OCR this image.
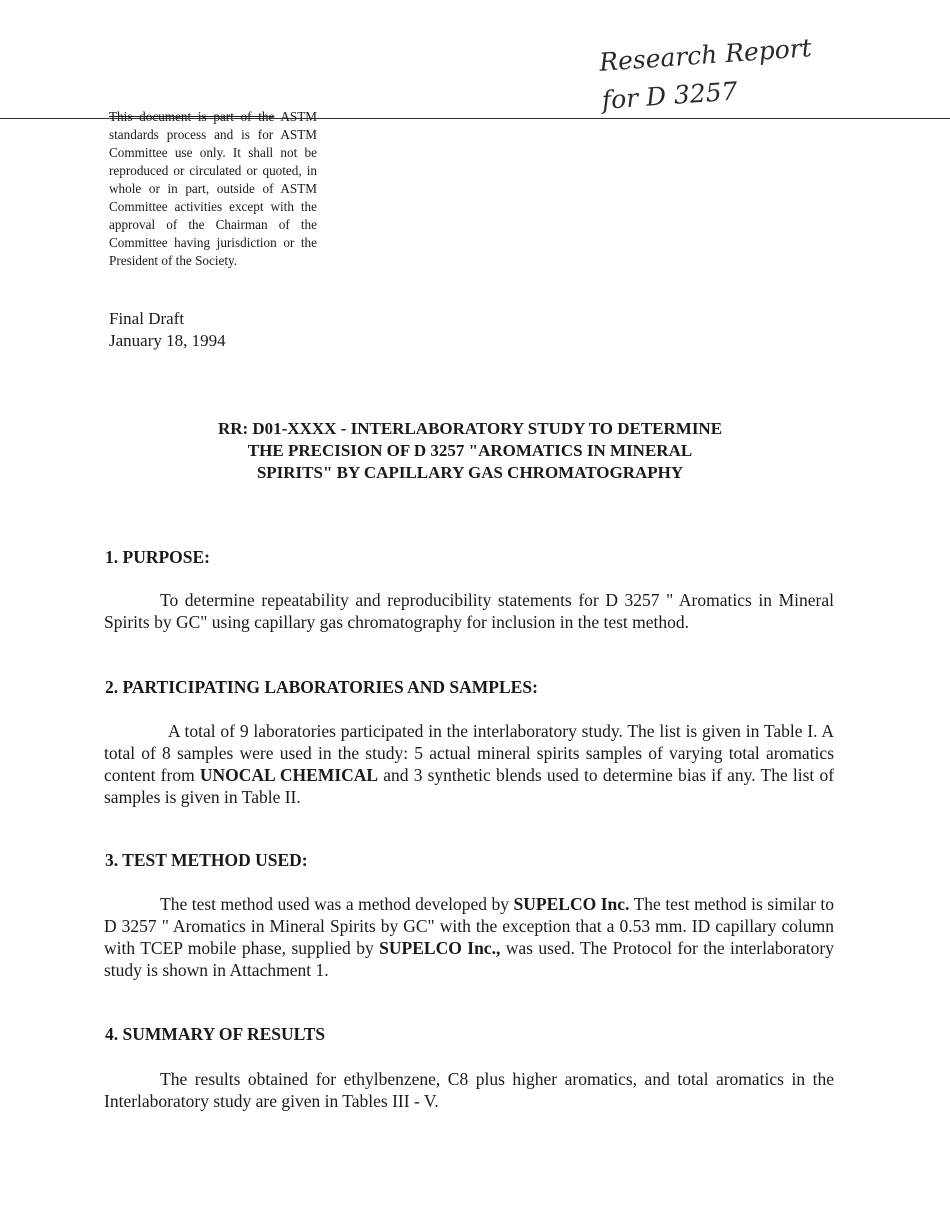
Research Report
for D 3257
This document is part of the ASTM standards process and is for ASTM Committee use only. It shall not be reproduced or circulated or quoted, in whole or in part, outside of ASTM Committee activities except with the approval of the Chairman of the Committee having jurisdiction or the President of the Society.
Final Draft
January 18, 1994
RR: D01-XXXX - INTERLABORATORY STUDY TO DETERMINE
THE PRECISION OF D 3257 "AROMATICS IN MINERAL
SPIRITS" BY CAPILLARY GAS CHROMATOGRAPHY
1. PURPOSE:
To determine repeatability and reproducibility statements for D 3257 " Aromatics in Mineral Spirits by GC" using capillary gas chromatography for inclusion in the test method.
2. PARTICIPATING LABORATORIES AND SAMPLES:
A total of 9 laboratories participated in the interlaboratory study. The list is given in Table I. A total of 8 samples were used in the study: 5 actual mineral spirits samples of varying total aromatics content from UNOCAL CHEMICAL and 3 synthetic blends used to determine bias if any. The list of samples is given in Table II.
3. TEST METHOD USED:
The test method used was a method developed by SUPELCO Inc. The test method is similar to D 3257 " Aromatics in Mineral Spirits by GC" with the exception that a 0.53 mm. ID capillary column with TCEP mobile phase, supplied by SUPELCO Inc., was used. The Protocol for the interlaboratory study is shown in Attachment 1.
4. SUMMARY OF RESULTS
The results obtained for ethylbenzene, C8 plus higher aromatics, and total aromatics in the Interlaboratory study are given in Tables III - V.
